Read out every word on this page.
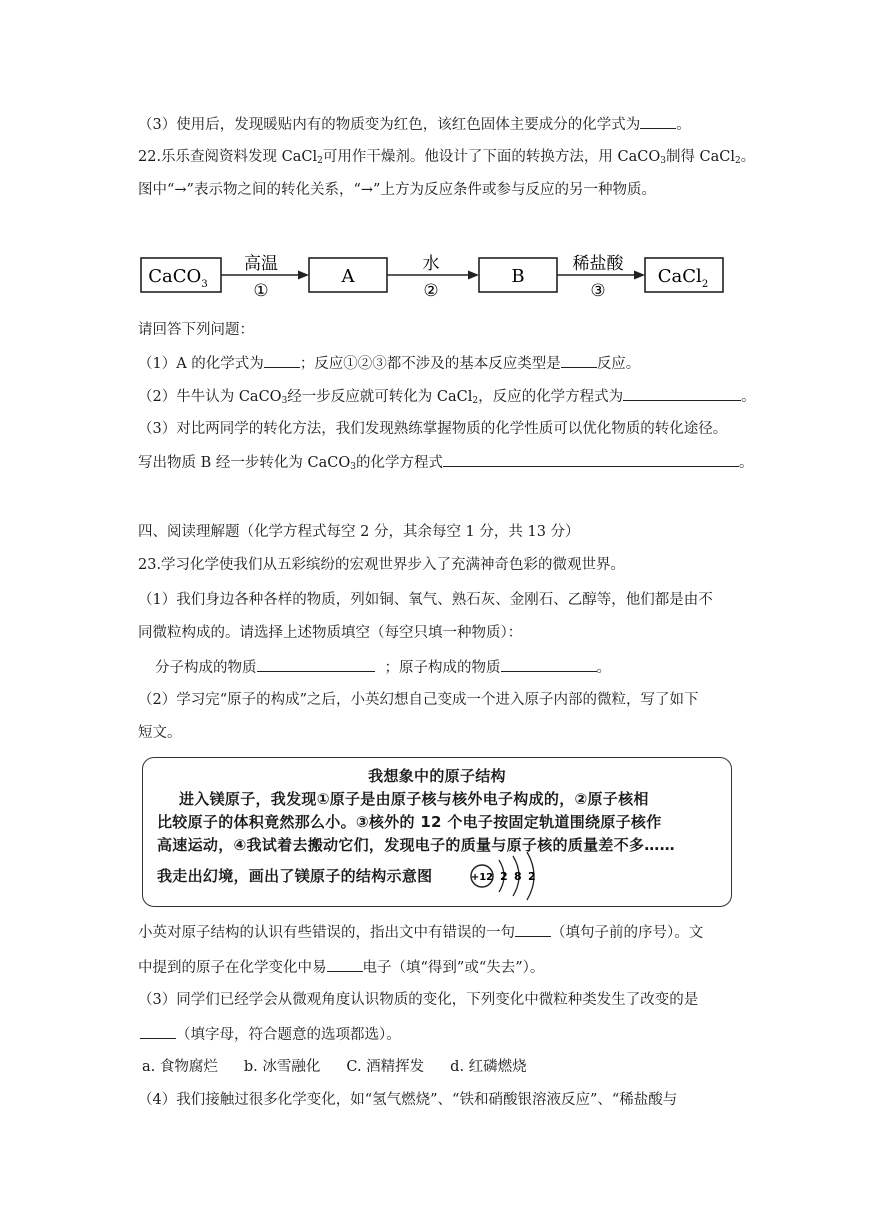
（3）使用后，发现暖贴内有的物质变为红色，该红色固体主要成分的化学式为 。
22.乐乐查阅资料发现 CaCl$_2$可用作干燥剂。他设计了下面的转换方法，用 CaCO$_3$制得 CaCl$_2$。
图中“→”表示物之间的转化关系，“→”上方为反应条件或参与反应的另一种物质。
CaCO$_3$
高温
①
A
水
②
B
稀盐酸
③
CaCl$_2$
请回答下列问题：
（1）A 的化学式为 ；反应①②③都不涉及的基本反应类型是 反应。
（2）牛牛认为 CaCO$_3$经一步反应就可转化为 CaCl$_2$，反应的化学方程式为	。
（3）对比两同学的转化方法，我们发现熟练掌握物质的化学性质可以优化物质的转化途径。
写出物质 B 经一步转化为 CaCO$_3$的化学方程式	。
四、阅读理解题（化学方程式每空 2 分，其余每空 1 分，共 13 分）
23.学习化学使我们从五彩缤纷的宏观世界步入了充满神奇色彩的微观世界。
（1）我们身边各种各样的物质，列如铜、氧气、熟石灰、金刚石、乙醇等，他们都是由不
同微粒构成的。请选择上述物质填空（每空只填一种物质）：
分子构成的物质	；原子构成的物质	。
（2）学习完“原子的构成”之后，小英幻想自己变成一个进入原子内部的微粒，写了如下
短文。
我想象中的原子结构
进入镁原子，我发现①原子是由原子核与核外电子构成的，②原子核相
比较原子的体积竟然那么小。③核外的 12 个电子按固定轨道围绕原子核作
高速运动，④我试着去搬动它们，发现电子的质量与原子核的质量差不多……
我走出幻境，画出了镁原子的结构示意图	+12 2 8 2
小英对原子结构的认识有些错误的，指出文中有错误的一句 （填句子前的序号）。文
中提到的原子在化学变化中易 电子（填“得到”或“失去”）。
（3）同学们已经学会从微观角度认识物质的变化，下列变化中微粒种类发生了改变的是
（填字母，符合题意的选项都选）。
a. 食物腐烂 b. 冰雪融化 C. 酒精挥发 d. 红磷燃烧
（4）我们接触过很多化学变化，如“氢气燃烧”、“铁和硝酸银溶液反应”、“稀盐酸与
